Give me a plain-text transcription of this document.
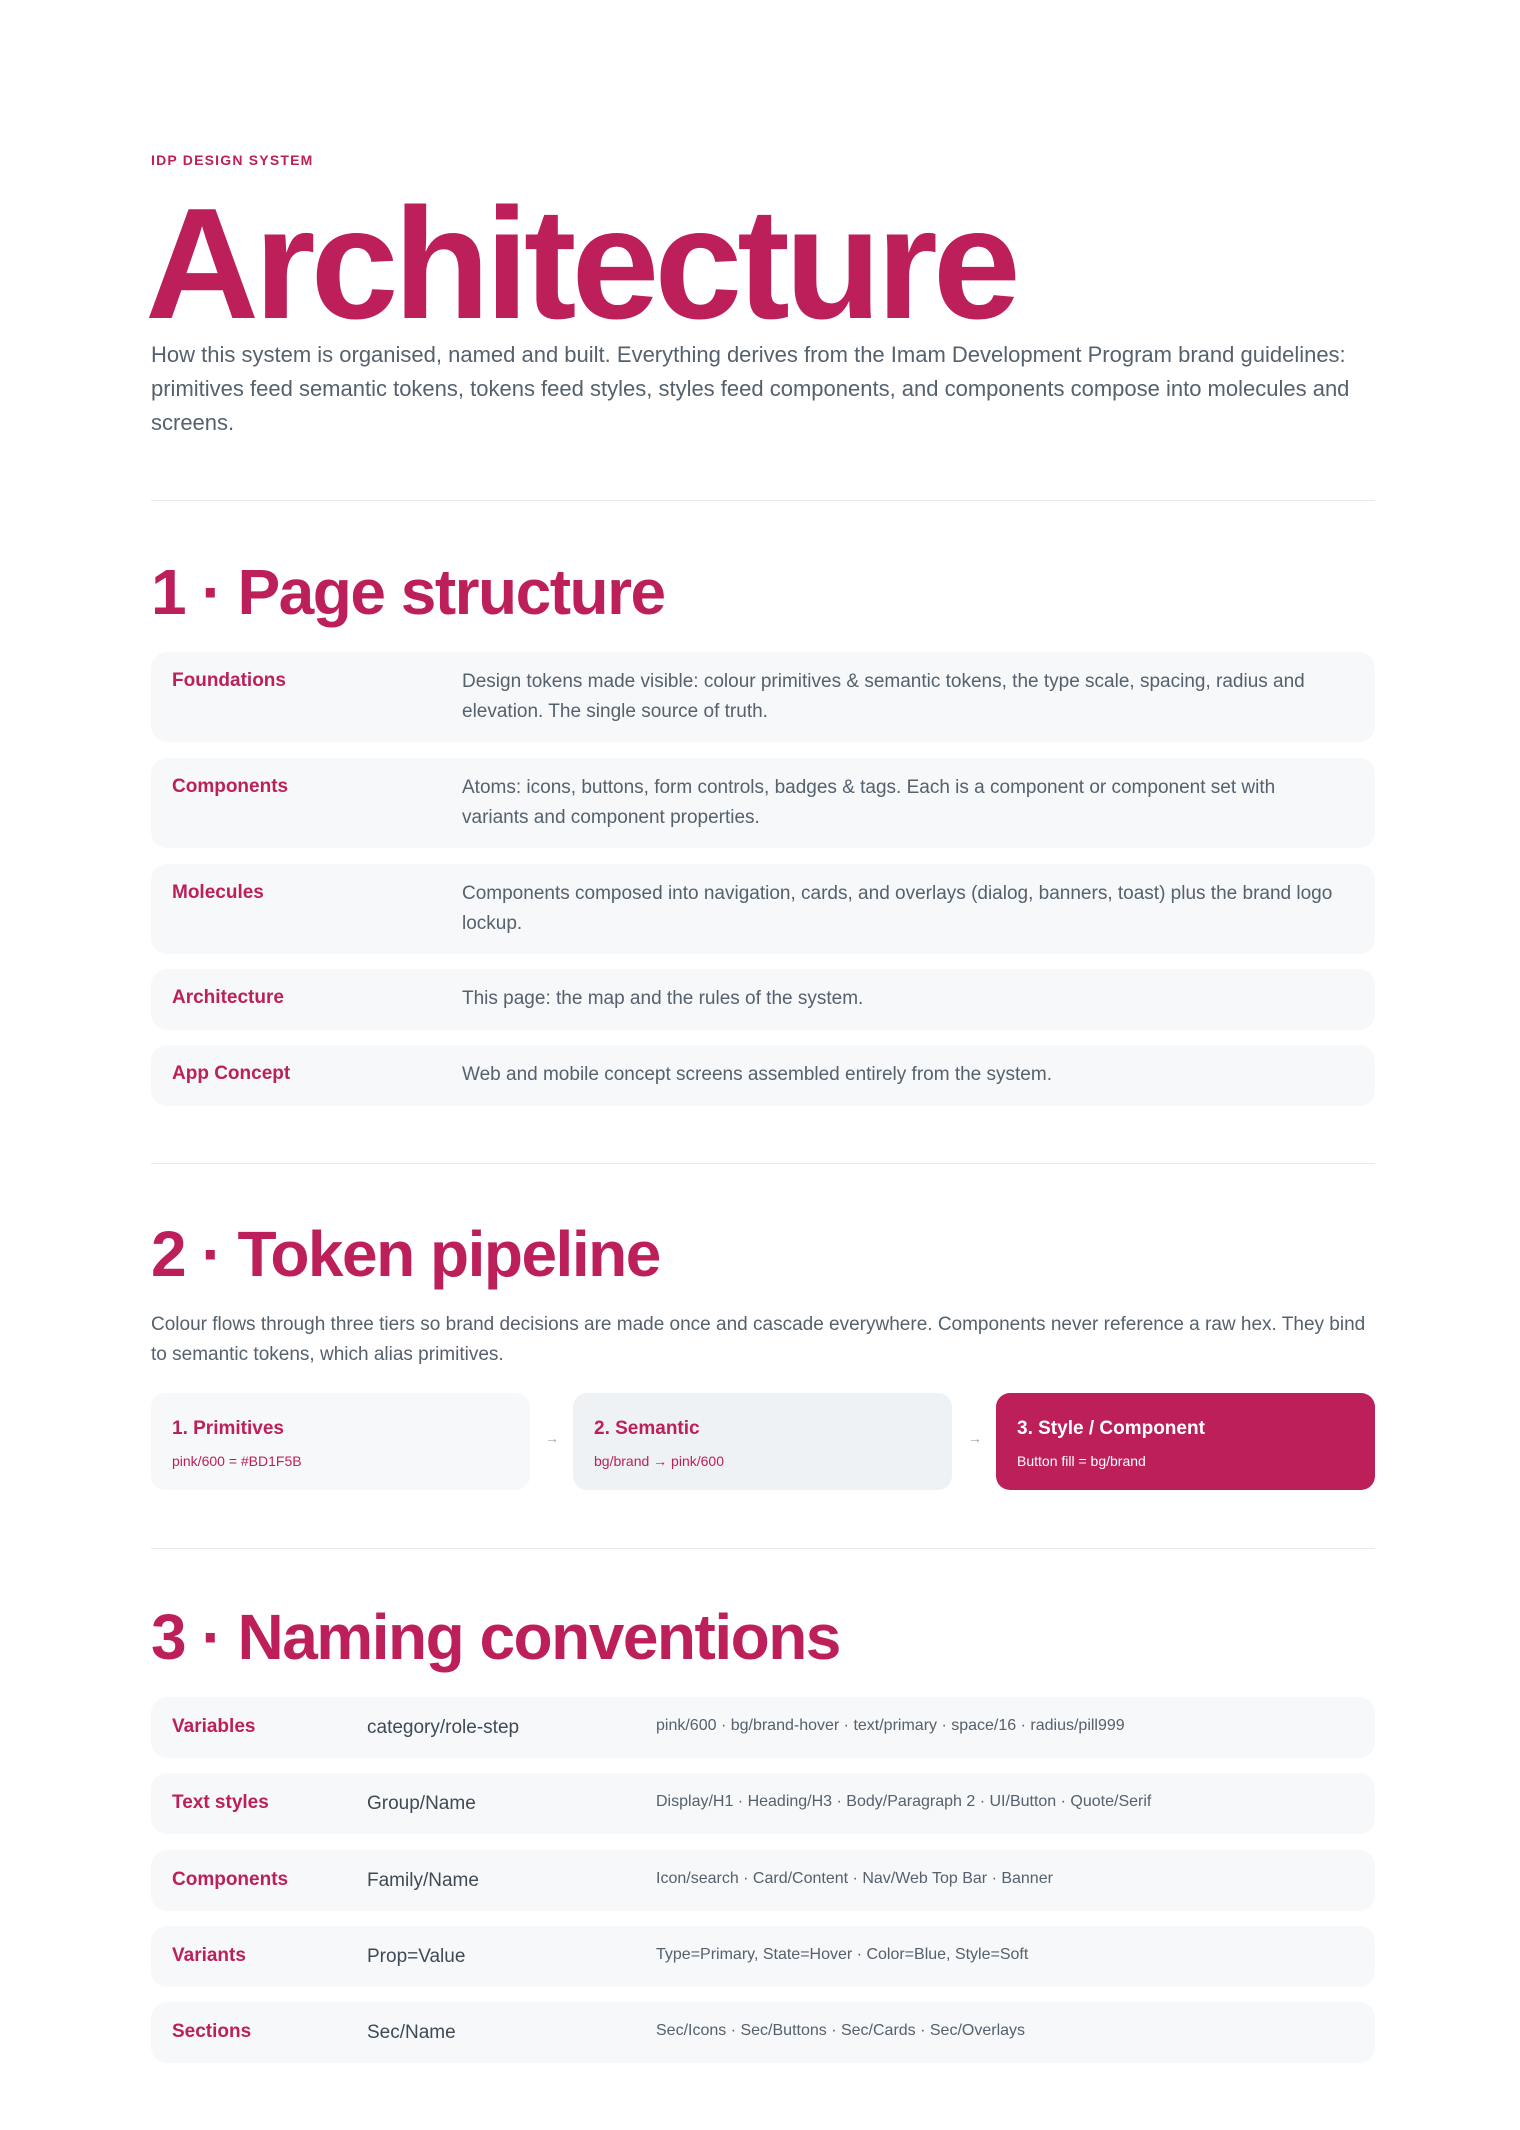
IDP DESIGN SYSTEM
Architecture

How this system is organised, named and built. Everything derives from the Imam Development Program brand guidelines: primitives feed semantic tokens, tokens feed styles, styles feed components, and components compose into molecules and screens.

1 · Page structure
Foundations	Design tokens made visible: colour primitives & semantic tokens, the type scale, spacing, radius and elevation. The single source of truth.
Components	Atoms: icons, buttons, form controls, badges & tags. Each is a component or component set with variants and component properties.
Molecules	Components composed into navigation, cards, and overlays (dialog, banners, toast) plus the brand logo lockup.
Architecture	This page: the map and the rules of the system.
App Concept	Web and mobile concept screens assembled entirely from the system.
2 · Token pipeline

Colour flows through three tiers so brand decisions are made once and cascade everywhere. Components never reference a raw hex. They bind to semantic tokens, which alias primitives.

1. Primitives
pink/600 = #BD1F5B
→ 2. Semantic
bg/brand → pink/600
→ 3. Style / Component
Button fill = bg/brand
3 · Naming conventions
Variables	category/role-step	pink/600 · bg/brand-hover · text/primary · space/16 · radius/pill999
Text styles	Group/Name	Display/H1 · Heading/H3 · Body/Paragraph 2 · UI/Button · Quote/Serif
Components	Family/Name	Icon/search · Card/Content · Nav/Web Top Bar · Banner
Variants	Prop=Value	Type=Primary, State=Hover · Color=Blue, Style=Soft
Sections	Sec/Name	Sec/Icons · Sec/Buttons · Sec/Cards · Sec/Overlays
